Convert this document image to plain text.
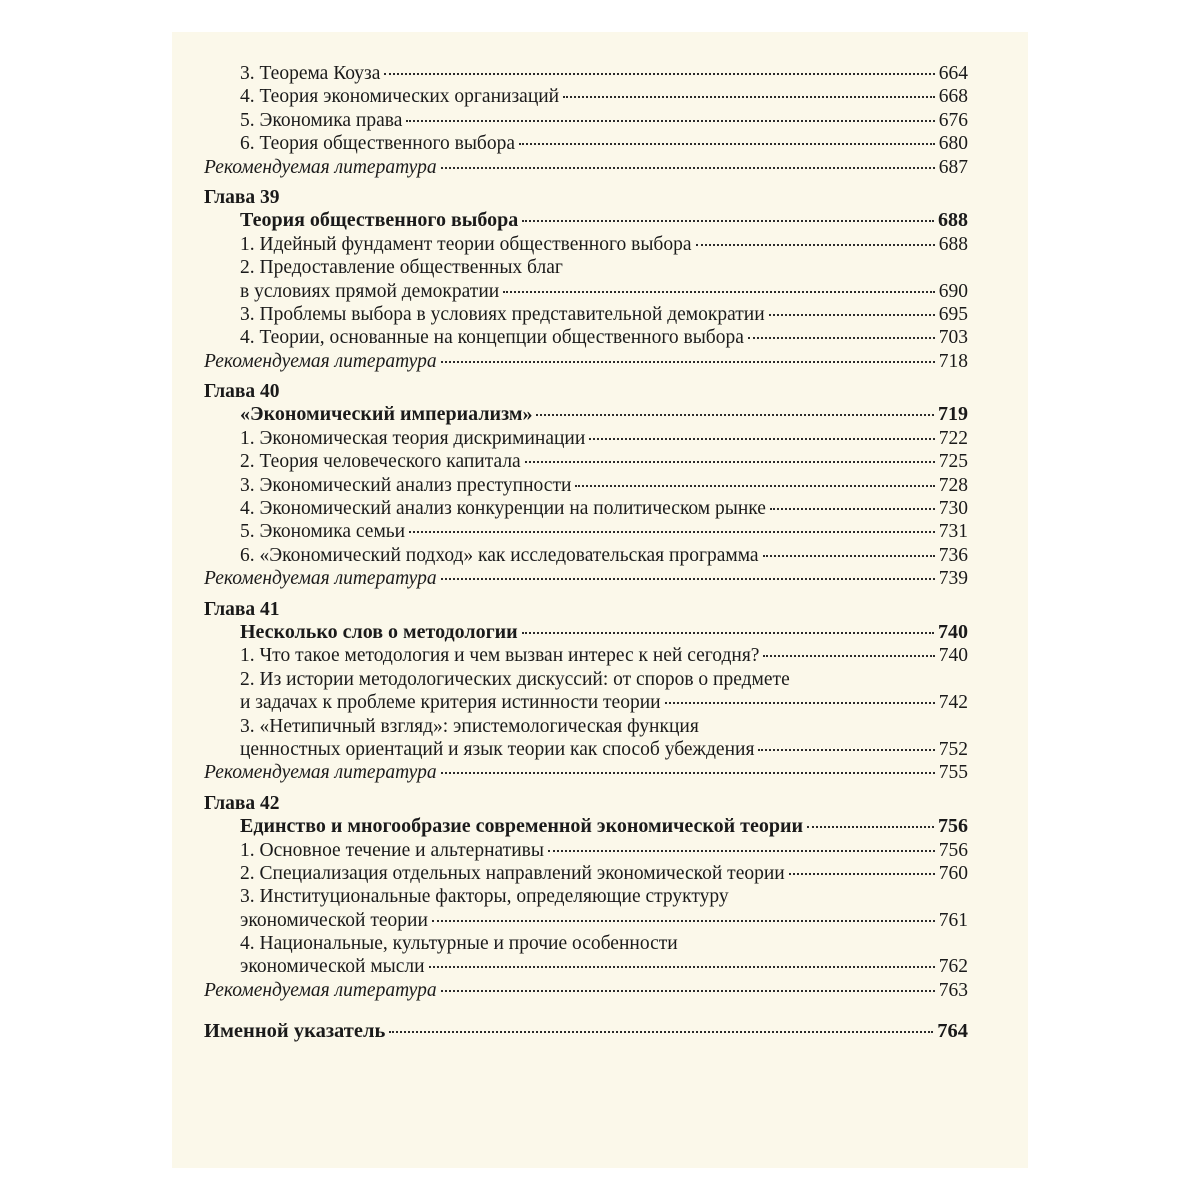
3. Теорема Коуза	664
4. Теория экономических организаций	668
5. Экономика права	676
6. Теория общественного выбора	680
Рекомендуемая литература	687
Глава 39
Теория общественного выбора	688
1. Идейный фундамент теории общественного выбора	688
2. Предоставление общественных благ
в условиях прямой демократии	690
3. Проблемы выбора в условиях представительной демократии	695
4. Теории, основанные на концепции общественного выбора	703
Рекомендуемая литература	718
Глава 40
«Экономический империализм»	719
1. Экономическая теория дискриминации	722
2. Теория человеческого капитала	725
3. Экономический анализ преступности	728
4. Экономический анализ конкуренции на политическом рынке	730
5. Экономика семьи	731
6. «Экономический подход» как исследовательская программа	736
Рекомендуемая литература	739
Глава 41
Несколько слов о методологии	740
1. Что такое методология и чем вызван интерес к ней сегодня?	740
2. Из истории методологических дискуссий: от споров о предмете
и задачах к проблеме критерия истинности теории	742
3. «Нетипичный взгляд»: эпистемологическая функция
ценностных ориентаций и язык теории как способ убеждения	752
Рекомендуемая литература	755
Глава 42
Единство и многообразие современной экономической теории	756
1. Основное течение и альтернативы	756
2. Специализация отдельных направлений экономической теории	760
3. Институциональные факторы, определяющие структуру
экономической теории	761
4. Национальные, культурные и прочие особенности
экономической мысли	762
Рекомендуемая литература	763
Именной указатель	764
